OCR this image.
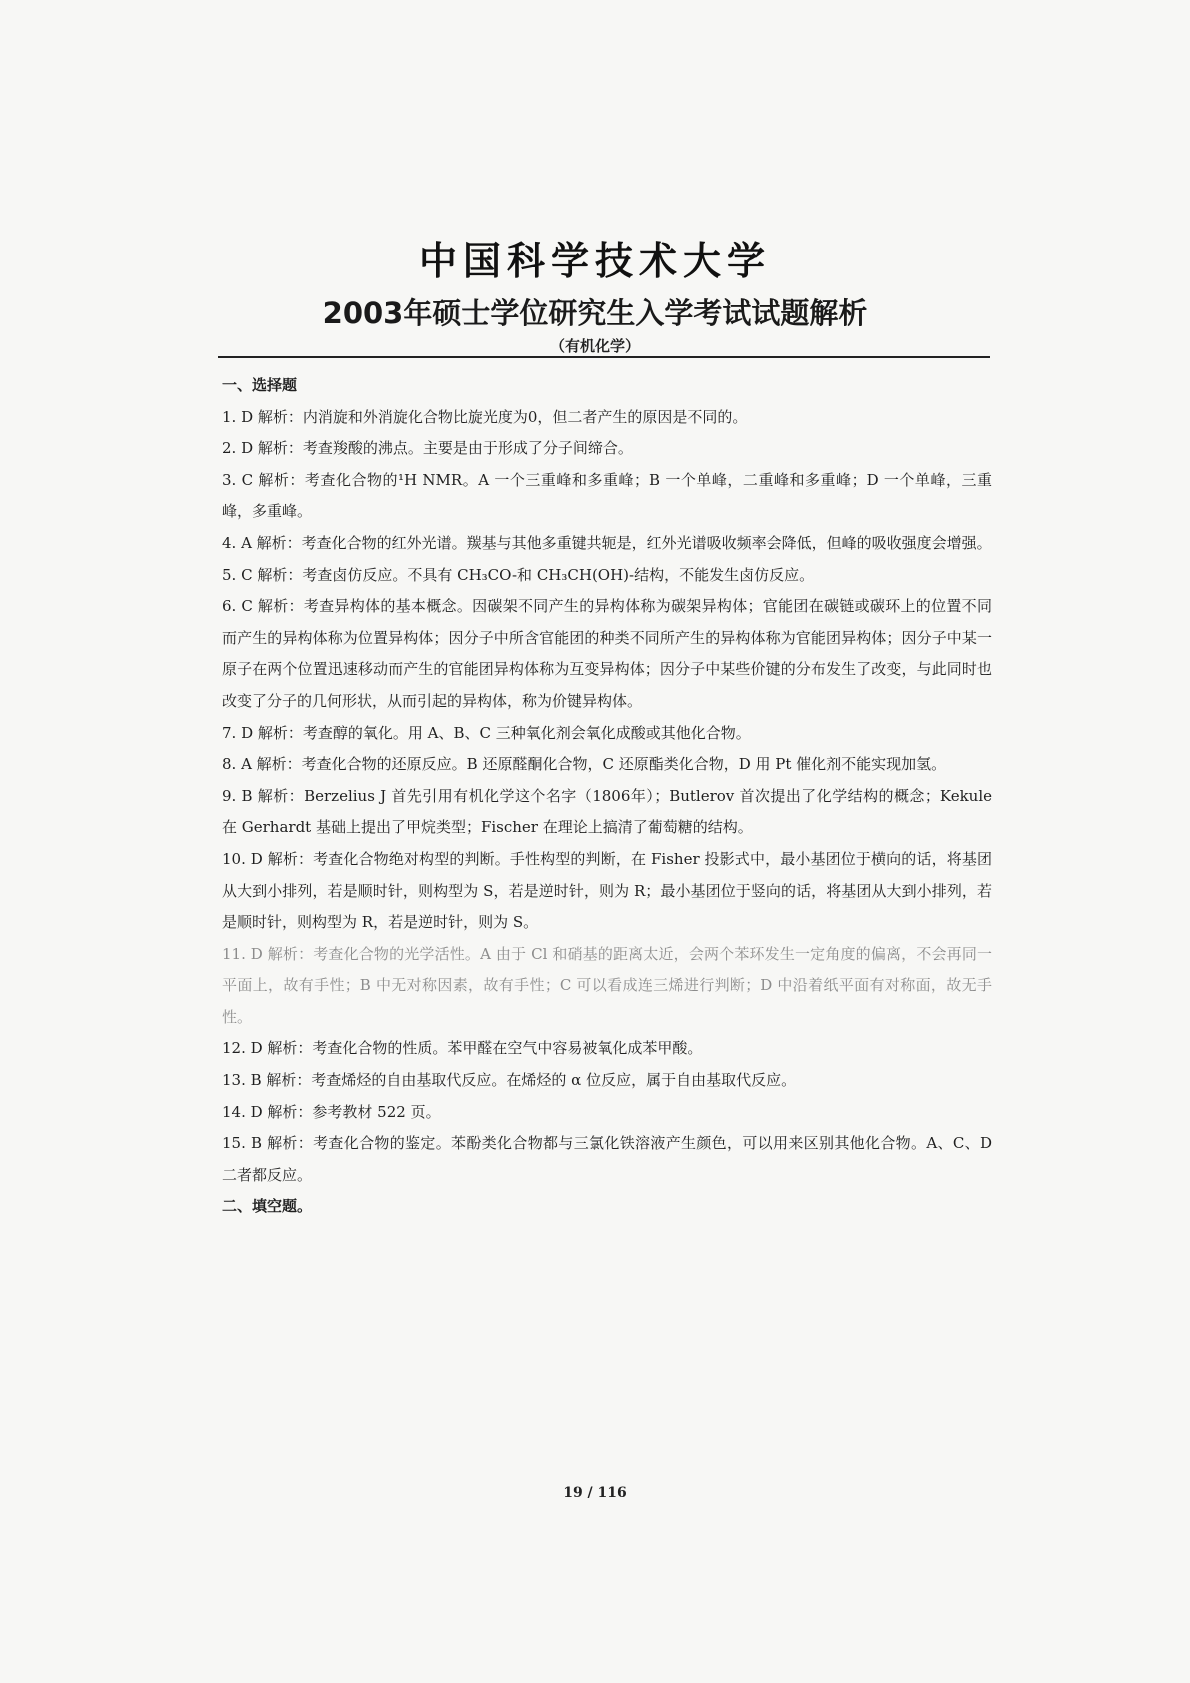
中国科学技术大学
2003年硕士学位研究生入学考试试题解析
（有机化学）
一、选择题
1. D 解析：内消旋和外消旋化合物比旋光度为0，但二者产生的原因是不同的。
2. D 解析：考查羧酸的沸点。主要是由于形成了分子间缔合。
3. C 解析：考查化合物的¹H NMR。A 一个三重峰和多重峰；B 一个单峰，二重峰和多重峰；D 一个单峰，三重峰，多重峰。
4. A 解析：考查化合物的红外光谱。羰基与其他多重键共轭是，红外光谱吸收频率会降低，但峰的吸收强度会增强。
5. C 解析：考查卤仿反应。不具有 CH₃CO-和 CH₃CH(OH)-结构，不能发生卤仿反应。
6. C 解析：考查异构体的基本概念。因碳架不同产生的异构体称为碳架异构体；官能团在碳链或碳环上的位置不同而产生的异构体称为位置异构体；因分子中所含官能团的种类不同所产生的异构体称为官能团异构体；因分子中某一原子在两个位置迅速移动而产生的官能团异构体称为互变异构体；因分子中某些价键的分布发生了改变，与此同时也改变了分子的几何形状，从而引起的异构体，称为价键异构体。
7. D 解析：考查醇的氧化。用 A、B、C 三种氧化剂会氧化成酸或其他化合物。
8. A 解析：考查化合物的还原反应。B 还原醛酮化合物，C 还原酯类化合物，D 用 Pt 催化剂不能实现加氢。
9. B 解析：Berzelius J 首先引用有机化学这个名字（1806年）；Butlerov 首次提出了化学结构的概念；Kekule 在 Gerhardt 基础上提出了甲烷类型；Fischer 在理论上搞清了葡萄糖的结构。
10. D 解析：考查化合物绝对构型的判断。手性构型的判断，在 Fisher 投影式中，最小基团位于横向的话，将基团从大到小排列，若是顺时针，则构型为 S，若是逆时针，则为 R；最小基团位于竖向的话，将基团从大到小排列，若是顺时针，则构型为 R，若是逆时针，则为 S。
11. D 解析：考查化合物的光学活性。A 由于 Cl 和硝基的距离太近，会两个苯环发生一定角度的偏离，不会再同一平面上，故有手性；B 中无对称因素，故有手性；C 可以看成连三烯进行判断；D 中沿着纸平面有对称面，故无手性。
12. D 解析：考查化合物的性质。苯甲醛在空气中容易被氧化成苯甲酸。
13. B 解析：考查烯烃的自由基取代反应。在烯烃的 α 位反应，属于自由基取代反应。
14. D 解析：参考教材 522 页。
15. B 解析：考查化合物的鉴定。苯酚类化合物都与三氯化铁溶液产生颜色，可以用来区别其他化合物。A、C、D 二者都反应。
二、填空题。
19 / 116
